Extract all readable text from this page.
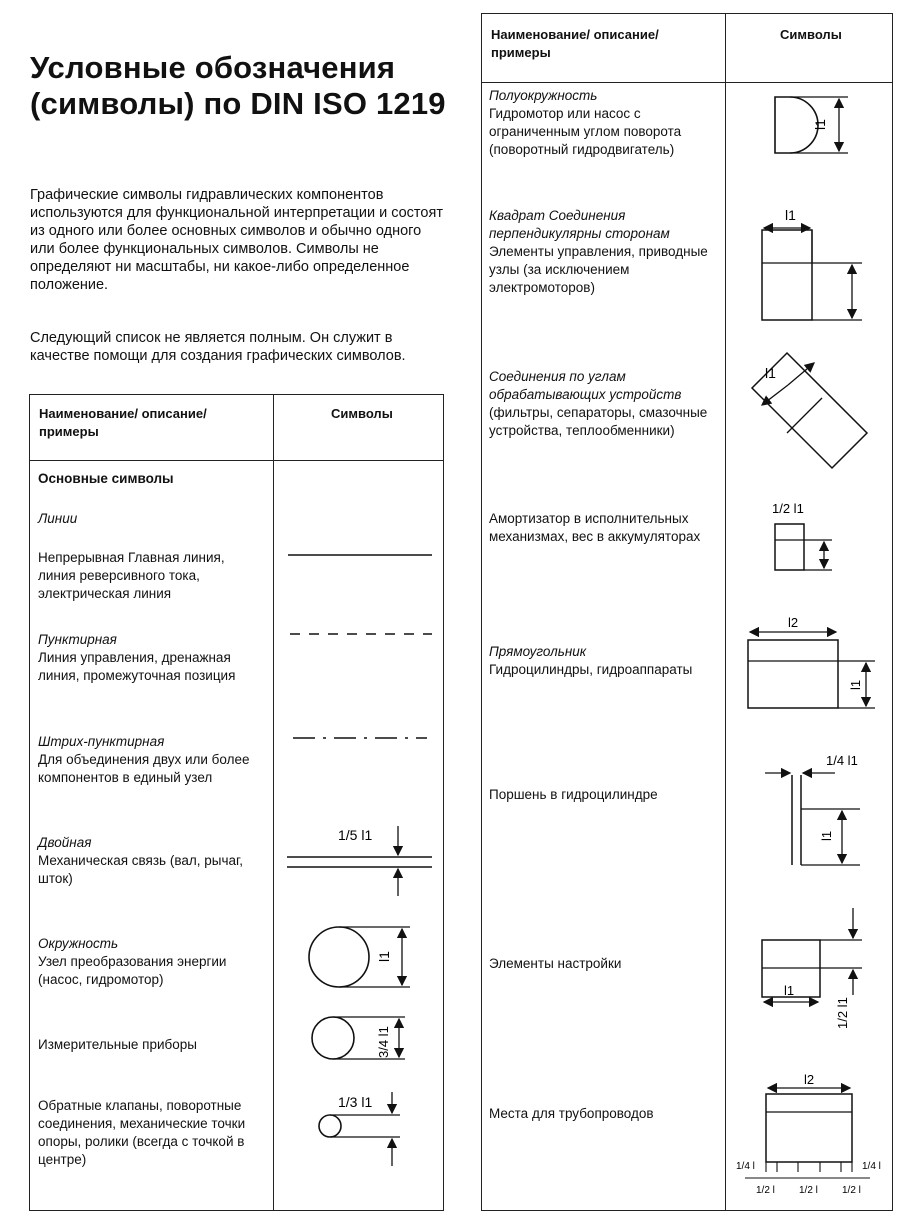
Условные обозначения (символы) по DIN ISO 1219
Графические символы гидравлических компонентов используются для функциональной интерпретации и состоят из одного или более основных символов и обычно одного или более функциональных символов. Символы не определяют ни масштабы, ни какое-либо определенное положение.
Следующий список не является полным. Он служит в качестве помощи для создания графических символов.
Наименование/ описание/примеры
Символы
Основные символы
Линии
Непрерывная Главная линия, линия реверсивного тока, электрическая линия
Пунктирная
Линия управления, дренажная линия, промежуточная позиция
Штрих-пунктирная
Для объединения двух или более компонентов в единый узел
Двойная
Механическая связь (вал, рычаг, шток)
Окружность
Узел преобразования энергии (насос, гидромотор)
Измерительные приборы
Обратные клапаны, поворотные соединения, механические точки опоры, ролики (всегда с точкой в центре)
1/5 l1
l1
3/4 l1
1/3 l1
Наименование/ описание/примеры
Символы
Полуокружность
Гидромотор или насос с ограниченным углом поворота (поворотный гидродвигатель)
Квадрат Соединения перпендикулярны сторонам
Элементы управления, приводные узлы (за исключением электромоторов)
Соединения по углам обрабатывающих устройств
(фильтры, сепараторы, смазочные устройства, теплообменники)
Амортизатор в исполнительных механизмах, вес в аккумуляторах
Прямоугольник
Гидроцилиндры, гидроаппараты
Поршень в гидроцилиндре
Элементы настройки
Места для трубопроводов
l1
l1
l1
1/2 l1
l2
l1
1/4 l1
l1
l1
1/2 l1
l2
1/4 l	1/4 l
1/2 l 1/2 l 1/2 l
